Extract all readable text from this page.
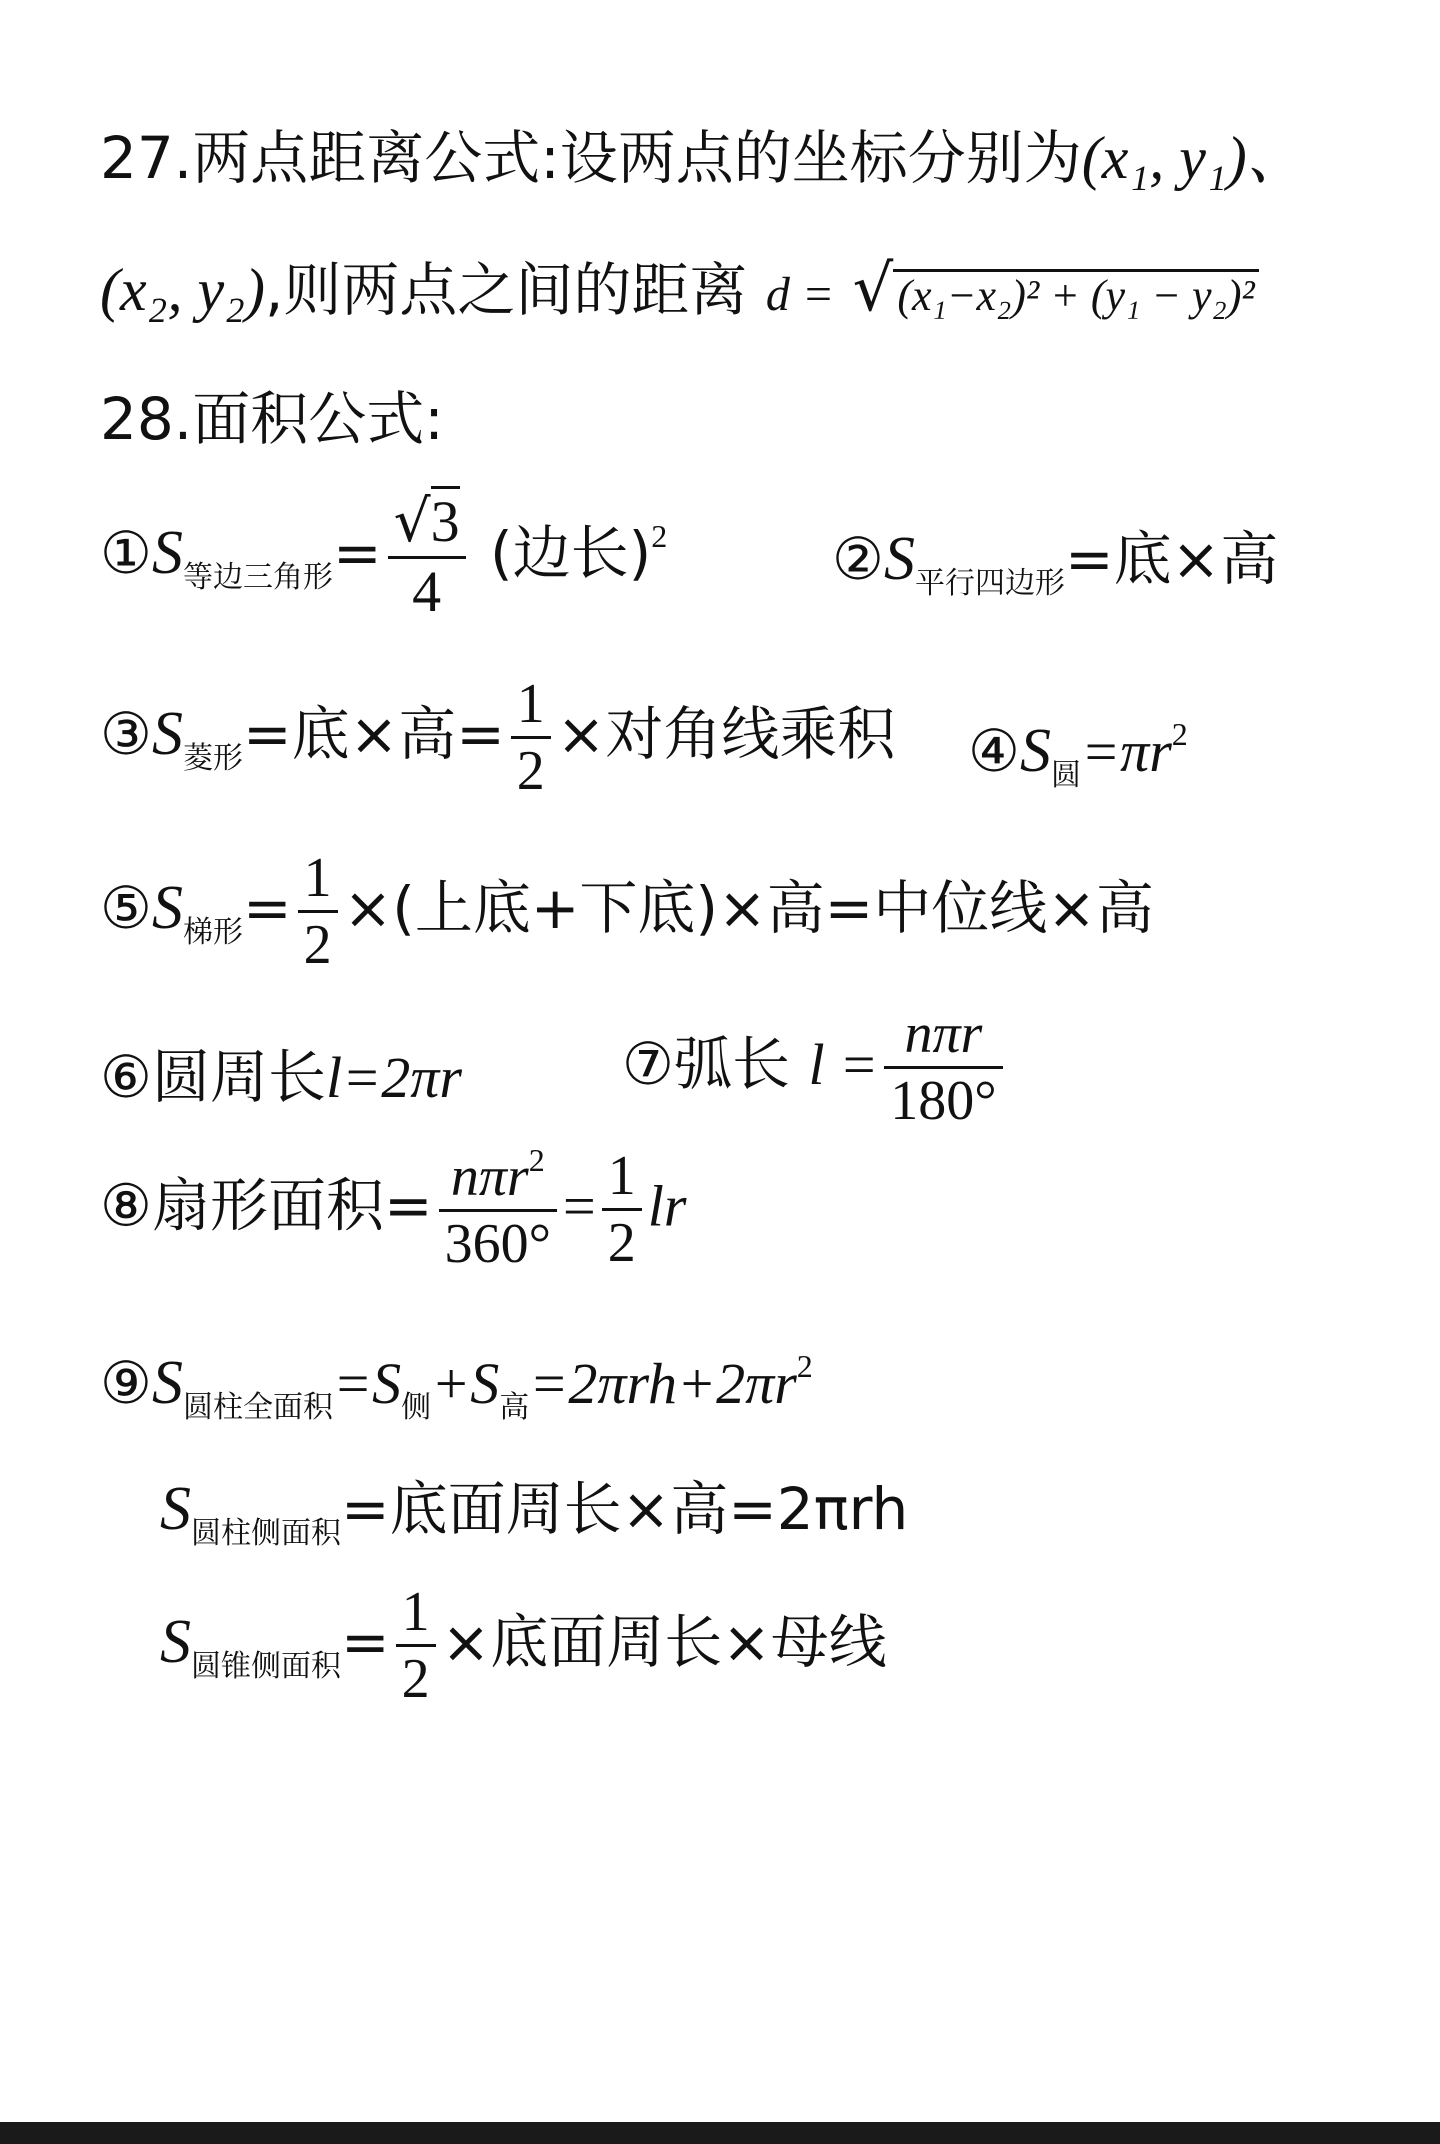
27.两点距离公式:设两点的坐标分别为(x₁, y₁)、
(x₂, y₂),则两点之间的距离 d = √(x₁−x₂)² + (y₁ − y₂)²
28.面积公式:
$①S_{等边三角形}= \frac{√3}{4}$ (边长)$^2$	$②S_{平行四边形}=$底×高
$③S_{菱形}=$底×高= $\frac{1}{2}$ ×对角线乘积 $④S_圆=\pi r^2$
$⑤S_{梯形}= \frac{1}{2}$ ×(上底+下底)×高=中位线×高
⑥圆周长l=2πr	⑦弧长 $l = \frac{\text{nπr}}{180^\circ}$
⑧扇形面积= $\frac{n\pi r^2}{360^\circ} = \frac{1}{2}$ lr
$⑨S_{圆柱全面积}=S_侧+S_高=2\pi rh+2\pi r^2$
$S_{圆柱侧面积}=$底面周长×高=2πrh
$S_{圆锥侧面积}= \frac{1}{2}$ ×底面周长×母线
